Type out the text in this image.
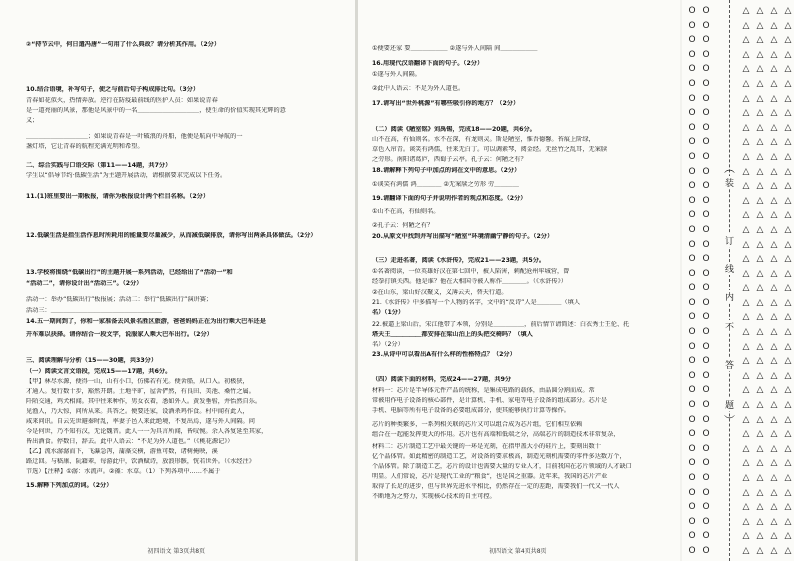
②“持节云中，何日遣冯唐”一句用了什么典故？请分析其作用。（2分）
10.结合语境，补写句子，使之与前后句子构成排比句。（3分）
青春如花似火，热情奔放。逆行在防疫最前线的医护人员：如果说青春
是一道亮丽的风景，那他是风景中的一名＿＿＿＿＿＿＿＿＿＿，使生命的价值实现其光辉的意
义；
＿＿＿＿＿＿＿＿＿＿；如果说青春是一叶破浪的舟船，他便是航向中导航的一
盏灯塔，它让青春的航程充满光明和希望。
二、综合实践与口语交际（第11——14题，共7分）
学生以“倡导节约·低碳生活”为主题开展活动，请根据要求完成以下任务。
11.(1)班里要出一期板报，请你为板报设计两个栏目名称。（2分）
12.低碳生活是指生活作息时所耗用的能量要尽量减少，从而减低碳排放，请你写出两条具体做法。（2分）
13.学校将围绕“低碳出行”的主题开展一系列活动，已经给出了“活动一”和
“活动二”，请你设计出“活动三”。（2分）
活动一：举办“低碳出行”板报展；活动二：举行“低碳出行”演讲赛；
活动三：＿＿＿＿＿＿＿＿＿＿＿＿＿＿＿＿＿＿
14.五一期间到了，你和一家准备去风景名胜区旅游，爸爸妈妈正在为出行乘大巴车还是
开车难以抉择。请你结合一段文字，说服家人乘大巴车出行。（2分）
三、阅读理解与分析（15——30题，共33分）
（一）阅读文言文语段，完成15——17题，共6分。
【甲】林尽水源，便得一山，山有小口，仿佛若有光。便舍船，从口入。初极狭，
才通人。复行数十步，豁然开朗。土地平旷，屋舍俨然，有良田、美池、桑竹之属。
阡陌交通，鸡犬相闻。其中往来种作，男女衣着，悉如外人。黄发垂髫，并怡然自乐。
见渔人，乃大惊，问所从来。具答之。便要还家，设酒杀鸡作食。村中闻有此人，
咸来问讯。自云先世避秦时乱，率妻子邑人来此绝境，不复出焉，遂与外人间隔。问
今是何世，乃不知有汉，无论魏晋。此人一一为具言所闻，皆叹惋。余人各复延至其家，
皆出酒食。停数日，辞去。此中人语云：“不足为外人道也。”（《桃花源记》）
【乙】流水潺潺而下，飞瀑急泻，蒲藻交横，游鱼可数，诸树掩映，溪
路迂回。与嵇康、阮籍辈，每游此中，饮酒赋诗，放浪形骸，恍若世外。（《水经注》
节选）【注释】①潺：水流声。②藻：水草。（1）下列各项中……不属于
15.解释下列加点的词。（2分）
初四语文 第3页共8页
①便要还家 要＿＿＿＿＿＿ ②遂与外人间隔 间＿＿＿＿＿＿
16.用现代汉语翻译下面的句子。（2分）
①遂与外人间隔。
②此中人语云：不足为外人道也。
17.请写出“世外桃源”有哪些吸引你的地方？（2分）
（二）阅读《陋室铭》刘禹锡，完成18——20题，共6分。
山不在高，有仙则名。水不在深，有龙则灵。斯是陋室，惟吾德馨。苔痕上阶绿，
草色入帘青。谈笑有鸿儒，往来无白丁。可以调素琴，阅金经。无丝竹之乱耳，无案牍
之劳形。南阳诸葛庐，西蜀子云亭。孔子云：何陋之有？
18.请解释下列句子中加点的词在文中的意思。（2分）
①谈笑有鸿儒 鸿＿＿＿＿ ②无案牍之劳形 劳＿＿＿＿
19.请翻译下面的句子并说明作者的观点和态度。（2分）
①山不在高，有仙则名。
②孔子云：何陋之有？
20.从原文中找到并写出描写“陋室”环境清幽宁静的句子。（2分）
（三）走进名著，阅读《水浒传》，完成21——23题，共5分。
①名著阅读，一位英雄好汉在第七回中，被人陷害，刺配沧州牢城营，曾
经拳打镇关西。他是谁？他在大相国寺被人称作＿＿＿＿。（《水浒传》）
②在山东，梁山好汉聚义，义薄云天，替天行道。
21.《水浒传》中多描写一个人物的名字，文中的“反诗”人是＿＿＿＿（填人
名）（1分）
22.被逼上梁山后，宋江他带了本领，分别是＿＿＿＿＿，前后情节请简述：白衣秀士王伦、托
塔天王＿＿＿＿＿都安排在梁山泊上的头把交椅吗？（填人
名）（2分）
23.从诗中可以看出A有什么样的性格特点？（2分）
（四）阅读下面的材料，完成24——27题，共9分
材料一：芯片是半导体元件产品的统称，是集成电路的载体，由晶圆分割而成。常
常被用作电子设备的核心部件，是计算机、手机、家电等电子设备的组成部分。芯片是
手机、电脑等所有电子设备的必要组成部分，使其能够执行计算等操作。
芯片的种类繁多，一系列相关联的芯片又可以组合成为芯片组，它们相互依赖
组合在一起能发挥更大的作用。芯片也有高端和低端之分，高端芯片的制造技术非常复杂，
材料二：芯片制造工艺中最关键的一环是光刻，在指甲盖大小的硅片上，要刻出数十
亿个晶体管。如此精密的制造工艺，对设备的要求极高，制造光刻机需要的零件多达数万个，
个晶体管。除了制造工艺，芯片的设计也需要大量的专业人才，目前我国在芯片领域的人才缺口
明显。人们常说，芯片是现代工业的“粮食”，也是国之重器。近年来，我国的芯片产业
取得了长足的进步，但与世界先进水平相比，仍然存在一定的差距，需要我们一代又一代人
不断地为之努力，实现核心技术的自主可控。
初四语文 第4页共8页
O
O
O
O
O
O
O
O
O
O
O
O
O
O
O
O
O
O
O
O
O
O
O
O
O
O
O
O
O
O
O
O
O
O
O
O
O
O

O
O
O
O
O
O
O
O
O
O
O
O
O
O
O
O
O
O
O
O
O
O
O
O
O
O
O
O
O
O
O
O
O
O
O
O
O
O

△
△
△
△
△
△
△
△
△
△
△
△
△
△
△
△
△
△
△
△
△
△
△
△
△
△
△
△
△
△
△
△
△
△
△
△
△
△

△
△
△
△
△
△
△
△
△
△
△
△
△
△
△
△
△
△
△
△
△
△
△
△
△
△
△
△
△
△
△
△
△
△
△
△
△
△

△
△
△
△
△
△
△
△
△
△
△
△
△
△
△
△
△
△
△
△
△
△
△
△
△
△
△
△
△
△
△
△
△
△
△
△
△
△

△
△
△
△
△
△
△
△
△
△
△
△
△
△
△
△
△
△
△
△
△
△
△
△
△
△
△
△
△
△
△
△
△
△
△
△
△
△

装
订
线
内
不
答
题
︵
︶
